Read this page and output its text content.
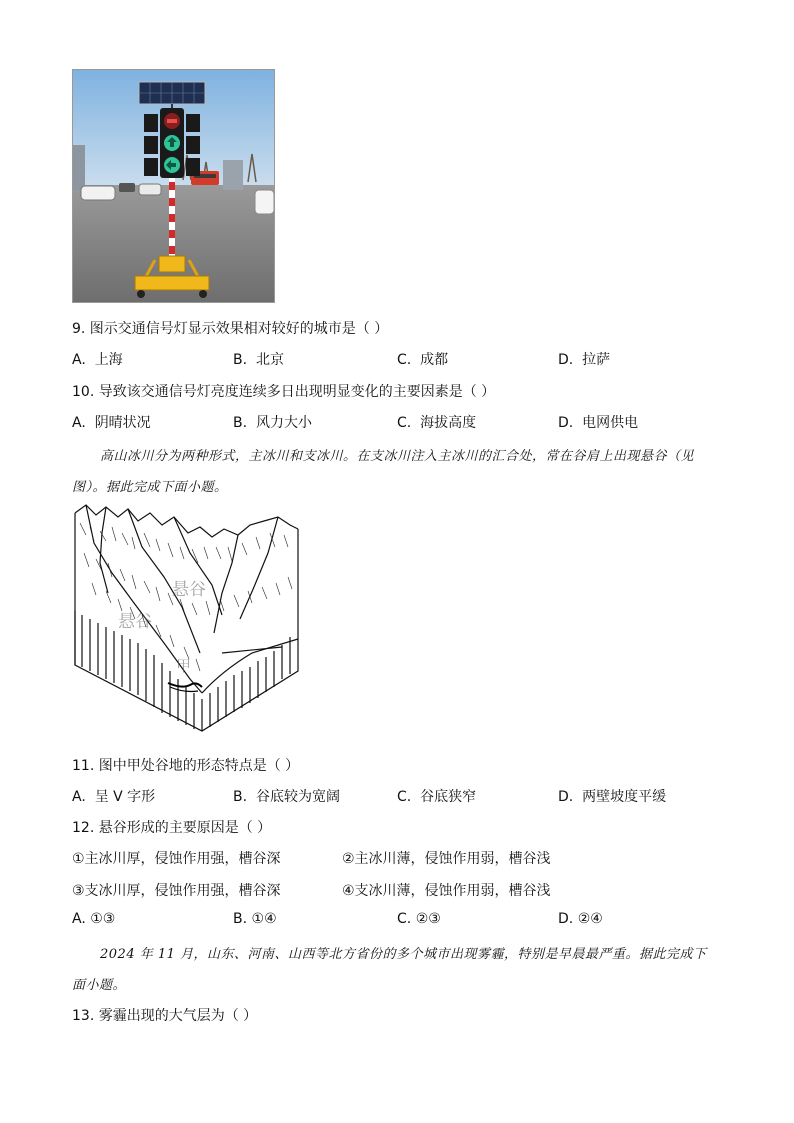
9. 图示交通信号灯显示效果相对较好的城市是（ ）
A. 上海	B. 北京	C. 成都	D. 拉萨
10. 导致该交通信号灯亮度连续多日出现明显变化的主要因素是（ ）
A. 阴晴状况	B. 风力大小	C. 海拔高度	D. 电网供电
高山冰川分为两种形式，主冰川和支冰川。在支冰川注入主冰川的汇合处，常在谷肩上出现悬谷（见
图）。据此完成下面小题。
悬谷
悬谷
甲
11. 图中甲处谷地的形态特点是（ ）
A. 呈 V 字形	B. 谷底较为宽阔	C. 谷底狭窄	D. 两壁坡度平缓
12. 悬谷形成的主要原因是（ ）
①主冰川厚，侵蚀作用强，槽谷深	②主冰川薄，侵蚀作用弱，槽谷浅
③支冰川厚，侵蚀作用强，槽谷深	④支冰川薄，侵蚀作用弱，槽谷浅
A. ①③	B. ①④	C. ②③	D. ②④
2024 年 11 月，山东、河南、山西等北方省份的多个城市出现雾霾，特别是早晨最严重。据此完成下
面小题。
13. 雾霾出现的大气层为（ ）
